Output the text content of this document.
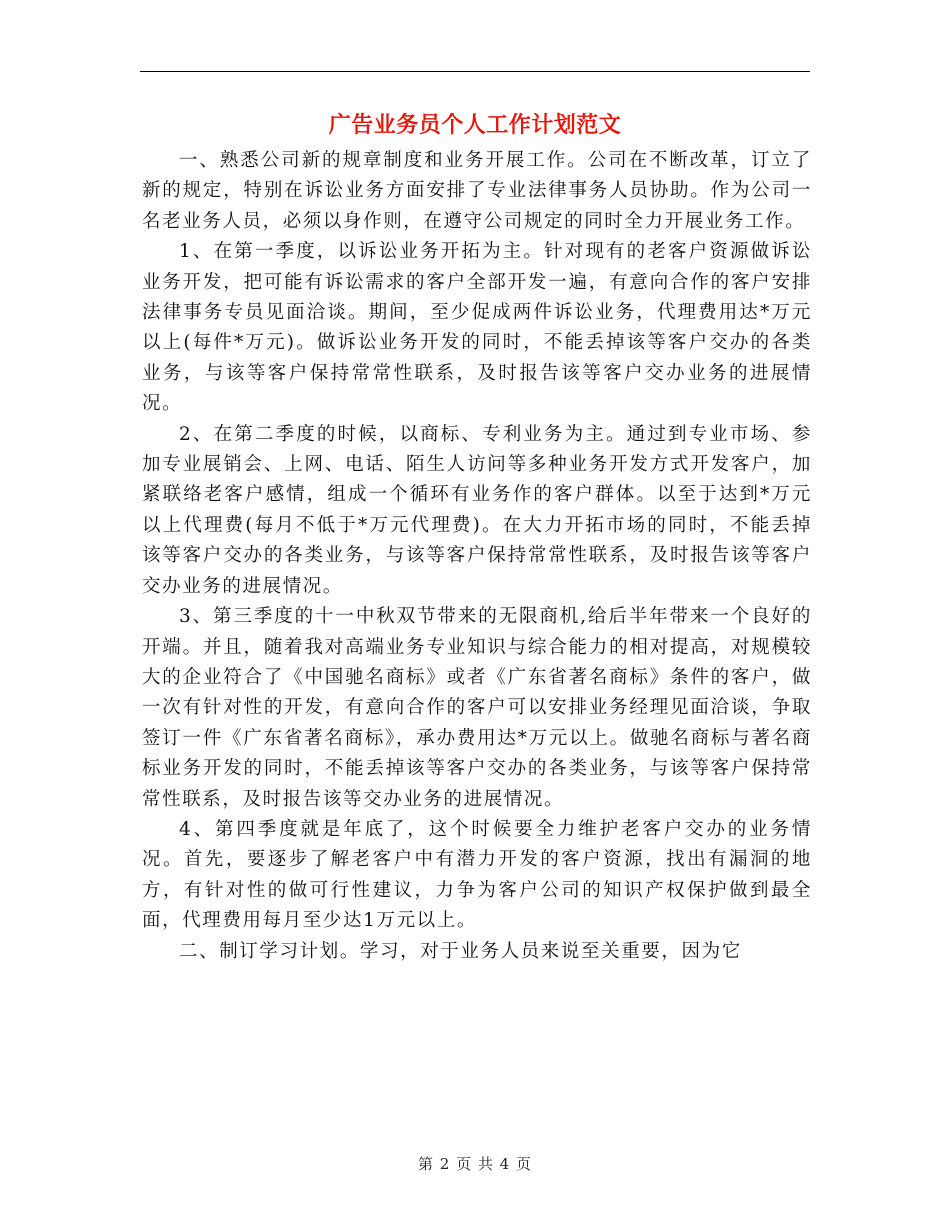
广告业务员个人工作计划范文

一、熟悉公司新的规章制度和业务开展工作。公司在不断改革，订立了新的规定，特别在诉讼业务方面安排了专业法律事务人员协助。作为公司一名老业务人员，必须以身作则，在遵守公司规定的同时全力开展业务工作。

1、在第一季度，以诉讼业务开拓为主。针对现有的老客户资源做诉讼业务开发，把可能有诉讼需求的客户全部开发一遍，有意向合作的客户安排法律事务专员见面洽谈。期间，至少促成两件诉讼业务，代理费用达*万元以上(每件*万元)。做诉讼业务开发的同时，不能丢掉该等客户交办的各类业务，与该等客户保持常常性联系，及时报告该等客户交办业务的进展情况。

2、在第二季度的时候，以商标、专利业务为主。通过到专业市场、参加专业展销会、上网、电话、陌生人访问等多种业务开发方式开发客户，加紧联络老客户感情，组成一个循环有业务作的客户群体。以至于达到*万元以上代理费(每月不低于*万元代理费)。在大力开拓市场的同时，不能丢掉该等客户交办的各类业务，与该等客户保持常常性联系，及时报告该等客户交办业务的进展情况。

3、第三季度的十一中秋双节带来的无限商机,给后半年带来一个良好的开端。并且，随着我对高端业务专业知识与综合能力的相对提高，对规模较大的企业符合了《中国驰名商标》或者《广东省著名商标》条件的客户，做一次有针对性的开发，有意向合作的客户可以安排业务经理见面洽谈，争取签订一件《广东省著名商标》，承办费用达*万元以上。做驰名商标与著名商标业务开发的同时，不能丢掉该等客户交办的各类业务，与该等客户保持常常性联系，及时报告该等交办业务的进展情况。

4、第四季度就是年底了，这个时候要全力维护老客户交办的业务情况。首先，要逐步了解老客户中有潜力开发的客户资源，找出有漏洞的地方，有针对性的做可行性建议，力争为客户公司的知识产权保护做到最全面，代理费用每月至少达1万元以上。

二、制订学习计划。学习，对于业务人员来说至关重要，因为它

第 2 页 共 4 页
